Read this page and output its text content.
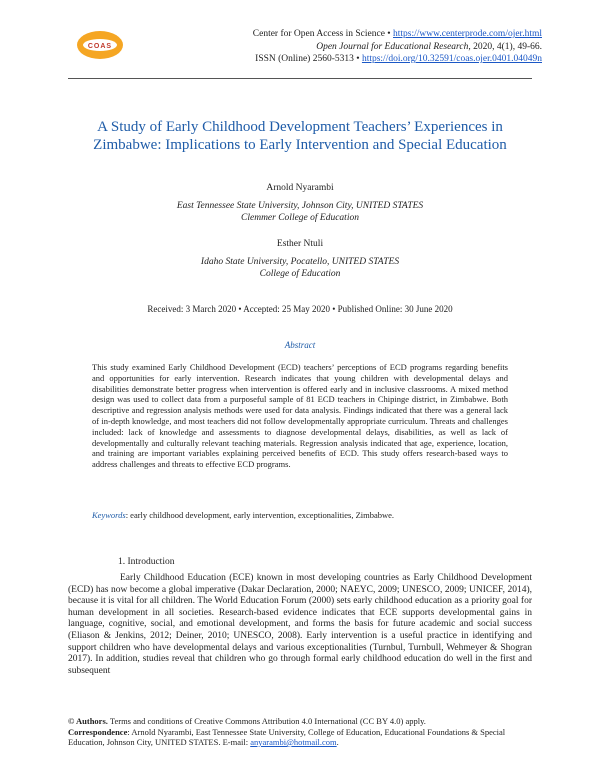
COAS
Center for Open Access in Science • https://www.centerprode.com/ojer.html
Open Journal for Educational Research, 2020, 4(1), 49-66.
ISSN (Online) 2560-5313 • https://doi.org/10.32591/coas.ojer.0401.04049n
A Study of Early Childhood Development Teachers’ Experiences in Zimbabwe: Implications to Early Intervention and Special Education
Arnold Nyarambi
East Tennessee State University, Johnson City, UNITED STATES
Clemmer College of Education
Esther Ntuli
Idaho State University, Pocatello, UNITED STATES
College of Education
Received: 3 March 2020 • Accepted: 25 May 2020 • Published Online: 30 June 2020
Abstract
This study examined Early Childhood Development (ECD) teachers’ perceptions of ECD programs regarding benefits and opportunities for early intervention. Research indicates that young children with developmental delays and disabilities demonstrate better progress when intervention is offered early and in inclusive classrooms. A mixed method design was used to collect data from a purposeful sample of 81 ECD teachers in Chipinge district, in Zimbabwe. Both descriptive and regression analysis methods were used for data analysis. Findings indicated that there was a general lack of in-depth knowledge, and most teachers did not follow developmentally appropriate curriculum. Threats and challenges included: lack of knowledge and assessments to diagnose developmental delays, disabilities, as well as lack of developmentally and culturally relevant teaching materials. Regression analysis indicated that age, experience, location, and training are important variables explaining perceived benefits of ECD. This study offers research-based ways to address challenges and threats to effective ECD programs.
Keywords: early childhood development, early intervention, exceptionalities, Zimbabwe.
1. Introduction
Early Childhood Education (ECE) known in most developing countries as Early Childhood Development (ECD) has now become a global imperative (Dakar Declaration, 2000; NAEYC, 2009; UNESCO, 2009; UNICEF, 2014), because it is vital for all children. The World Education Forum (2000) sets early childhood education as a priority goal for human development in all societies. Research-based evidence indicates that ECE supports developmental gains in language, cognitive, social, and emotional development, and forms the basis for future academic and social success (Eliason & Jenkins, 2012; Deiner, 2010; UNESCO, 2008). Early intervention is a useful practice in identifying and support children who have developmental delays and various exceptionalities (Turnbul, Turnbull, Wehmeyer & Shogran 2017). In addition, studies reveal that children who go through formal early childhood education do well in the first and subsequent
© Authors. Terms and conditions of Creative Commons Attribution 4.0 International (CC BY 4.0) apply.
Correspondence: Arnold Nyarambi, East Tennessee State University, College of Education, Educational Foundations & Special Education, Johnson City, UNITED STATES. E-mail: anyarambi@hotmail.com.
